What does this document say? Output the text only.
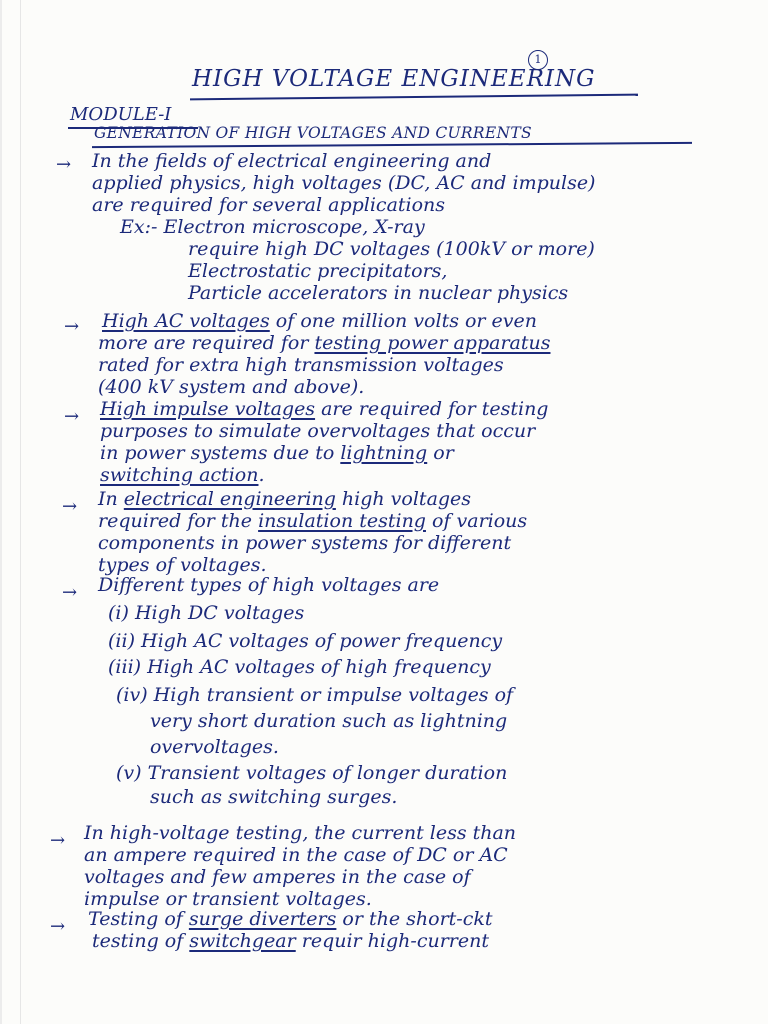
1
HIGH VOLTAGE ENGINEERING
MODULE-I
GENERATION OF HIGH VOLTAGES AND CURRENTS
→ In the fields of electrical engineering and
applied physics, high voltages (DC, AC and impulse)
are required for several applications
Ex:- Electron microscope, X-ray
require high DC voltages (100kV or more)
Electrostatic precipitators,
Particle accelerators in nuclear physics
→ High AC voltages of one million volts or even
more are required for testing power apparatus
rated for extra high transmission voltages
(400 kV system and above).
→ High impulse voltages are required for testing
purposes to simulate overvoltages that occur
in power systems due to lightning or
switching action.
→ In electrical engineering high voltages
required for the insulation testing of various
components in power systems for different
types of voltages.
→ Different types of high voltages are
(i) High DC voltages
(ii) High AC voltages of power frequency
(iii) High AC voltages of high frequency
(iv) High transient or impulse voltages of
very short duration such as lightning
overvoltages.
(v) Transient voltages of longer duration
such as switching surges.
→ In high-voltage testing, the current less than
an ampere required in the case of DC or AC
voltages and few amperes in the case of
impulse or transient voltages.
→ Testing of surge diverters or the short-ckt
testing of switchgear requir high-current
